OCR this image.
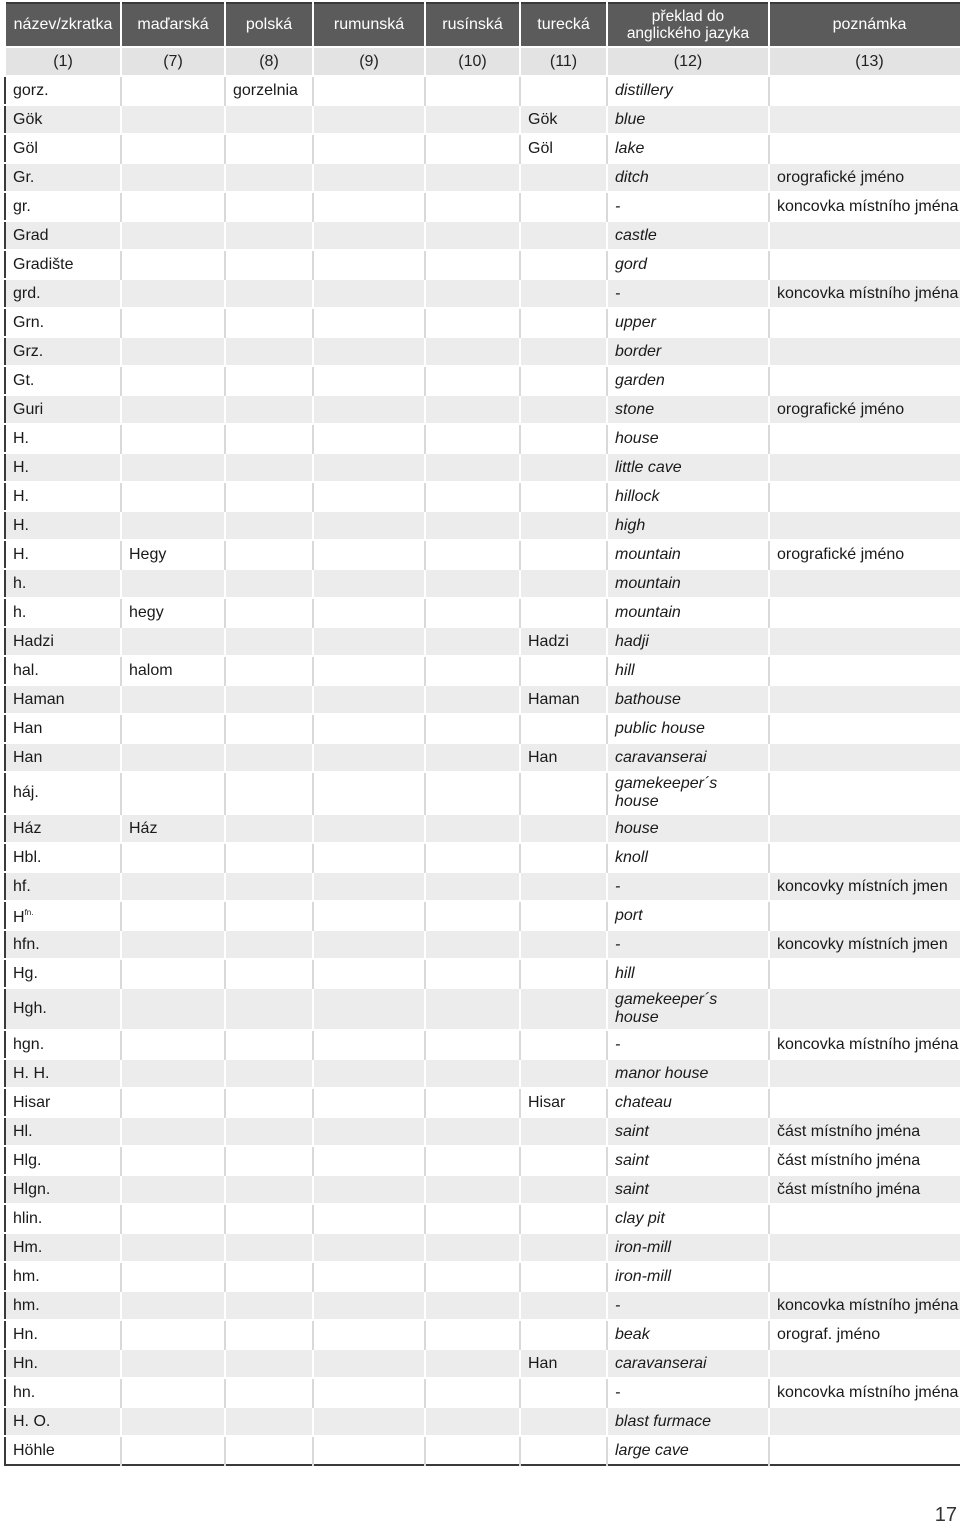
název/zkratka	maďarská	polská	rumunská	rusínská	turecká	překlad do anglického jazyka	poznámka
(1)	(7)	(8)	(9)	(10)	(11)	(12)	(13)
gorz.		gorzelnia				distillery	
Gök					Gök	blue	
Göl					Göl	lake	
Gr.						ditch	orografické jméno
gr.						-	koncovka místního jména
Grad						castle	
Gradište						gord	
grd.						-	koncovka místního jména
Grn.						upper	
Grz.						border	
Gt.						garden	
Guri						stone	orografické jméno
H.						house	
H.						little cave	
H.						hillock	
H.						high	
H.	Hegy					mountain	orografické jméno
h.						mountain	
h.	hegy					mountain	
Hadzi					Hadzi	hadji	
hal.	halom					hill	
Haman					Haman	bathouse	
Han						public house	
Han					Han	caravanserai	
háj.						gamekeeper´s house	
Ház	Ház					house	
Hbl.						knoll	
hf.						-	koncovky místních jmen
$H^{fn.}$						port	
hfn.						-	koncovky místních jmen
Hg.						hill	
Hgh.						gamekeeper´s house	
hgn.						-	koncovka místního jména
H. H.						manor house	
Hisar					Hisar	chateau	
Hl.						saint	část místního jména
Hlg.						saint	část místního jména
Hlgn.						saint	část místního jména
hlin.						clay pit	
Hm.						iron-mill	
hm.						iron-mill	
hm.						-	koncovka místního jména
Hn.						beak	orograf. jméno
Hn.					Han	caravanserai	
hn.						-	koncovka místního jména
H. O.						blast furmace	
Höhle						large cave	
17
